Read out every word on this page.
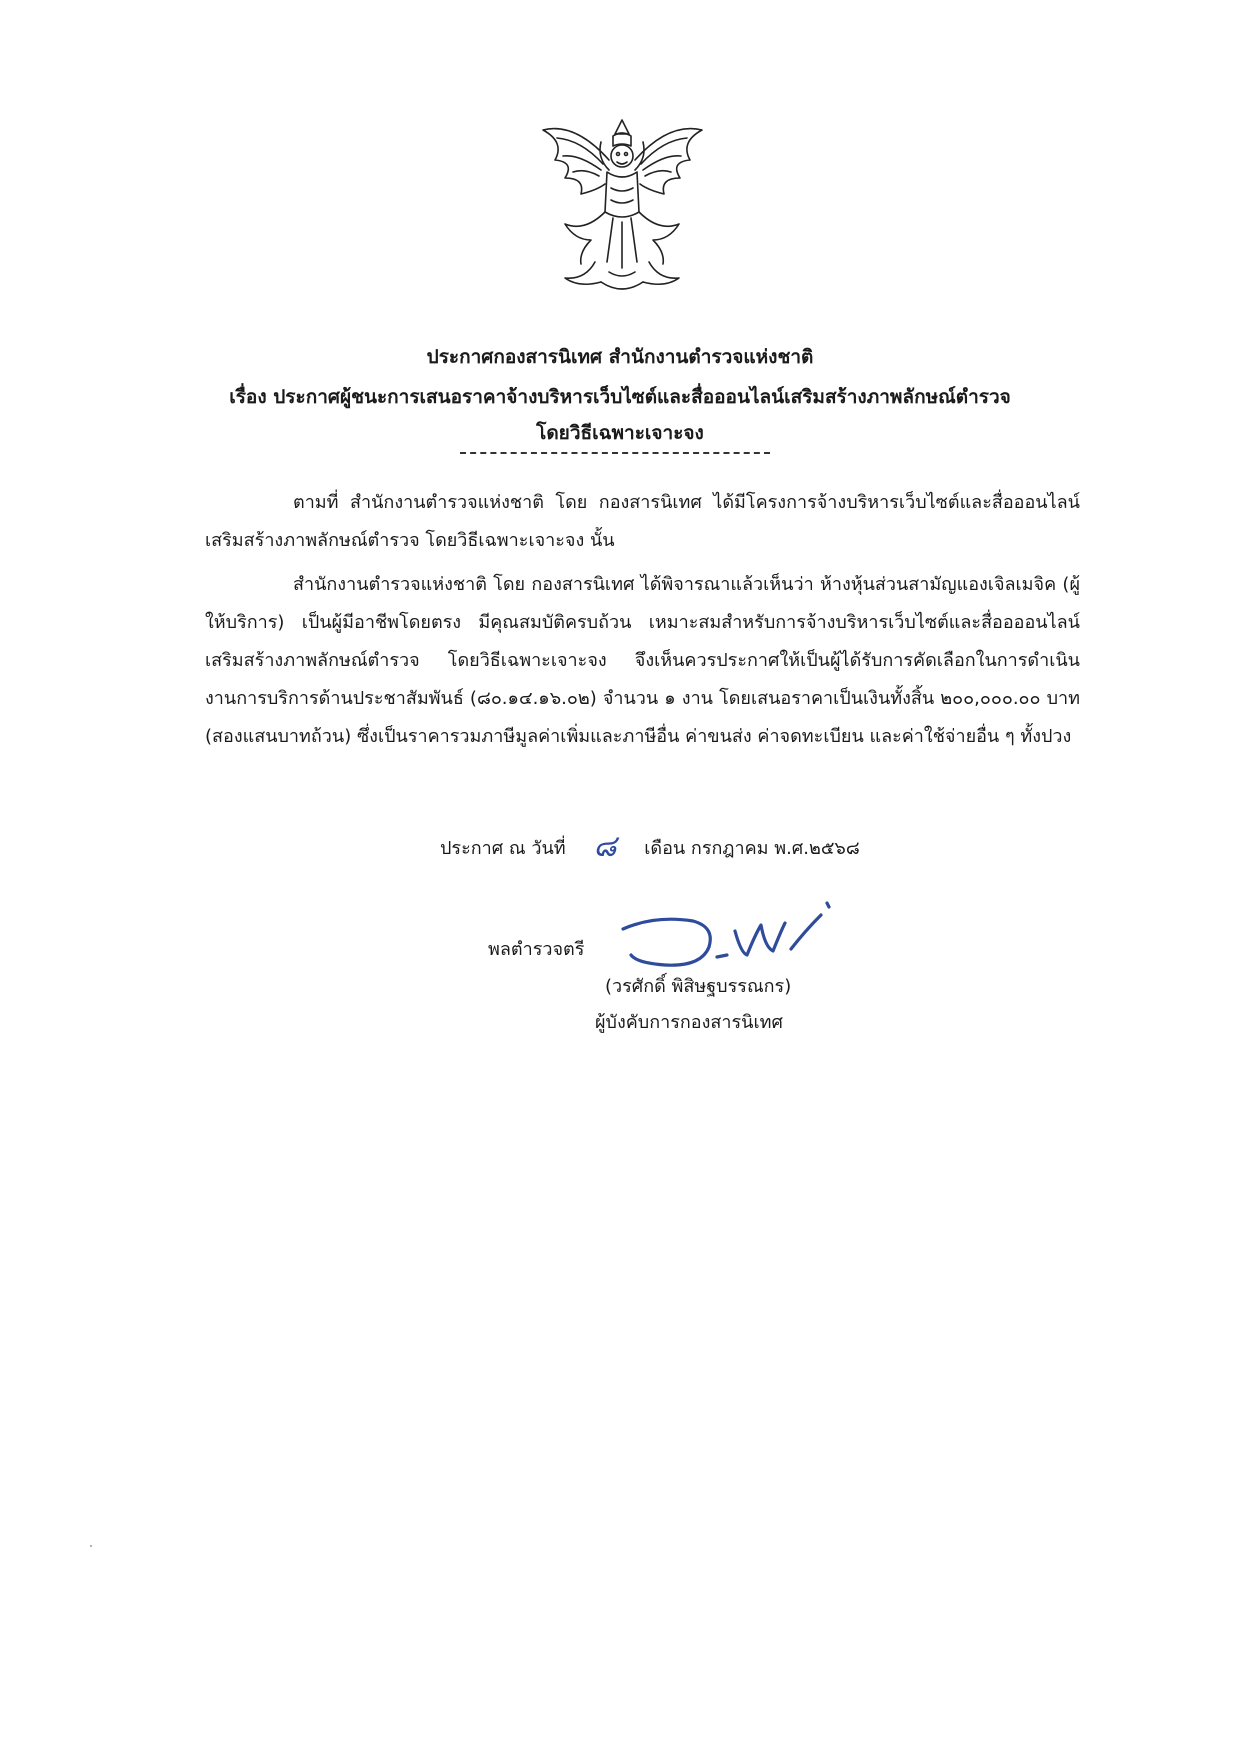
ประกาศกองสารนิเทศ สำนักงานตำรวจแห่งชาติ
เรื่อง ประกาศผู้ชนะการเสนอราคาจ้างบริหารเว็บไซต์และสื่อออนไลน์เสริมสร้างภาพลักษณ์ตำรวจ
โดยวิธีเฉพาะเจาะจง
ตามที่ สำนักงานตำรวจแห่งชาติ โดย กองสารนิเทศ ได้มีโครงการจ้างบริหารเว็บไซต์และสื่อออนไลน์เสริมสร้างภาพลักษณ์ตำรวจ โดยวิธีเฉพาะเจาะจง นั้น
สำนักงานตำรวจแห่งชาติ โดย กองสารนิเทศ ได้พิจารณาแล้วเห็นว่า ห้างหุ้นส่วนสามัญแองเจิลเมจิค (ผู้ให้บริการ) เป็นผู้มีอาชีพโดยตรง มีคุณสมบัติครบถ้วน เหมาะสมสำหรับการจ้างบริหารเว็บไซต์และสื่ออออนไลน์เสริมสร้างภาพลักษณ์ตำรวจ โดยวิธีเฉพาะเจาะจง จึงเห็นควรประกาศให้เป็นผู้ได้รับการคัดเลือกในการดำเนินงานการบริการด้านประชาสัมพันธ์ (๘๐.๑๔.๑๖.๐๒) จำนวน ๑ งาน โดยเสนอราคาเป็นเงินทั้งสิ้น ๒๐๐,๐๐๐.๐๐ บาท (สองแสนบาทถ้วน) ซึ่งเป็นราคารวมภาษีมูลค่าเพิ่มและภาษีอื่น ค่าขนส่ง ค่าจดทะเบียน และค่าใช้จ่ายอื่น ๆ ทั้งปวง
ประกาศ ณ วันที่ ๘ เดือน กรกฎาคม พ.ศ.๒๕๖๘
พลตำรวจตรี
(วรศักดิ์ พิสิษฐบรรณกร)
ผู้บังคับการกองสารนิเทศ
